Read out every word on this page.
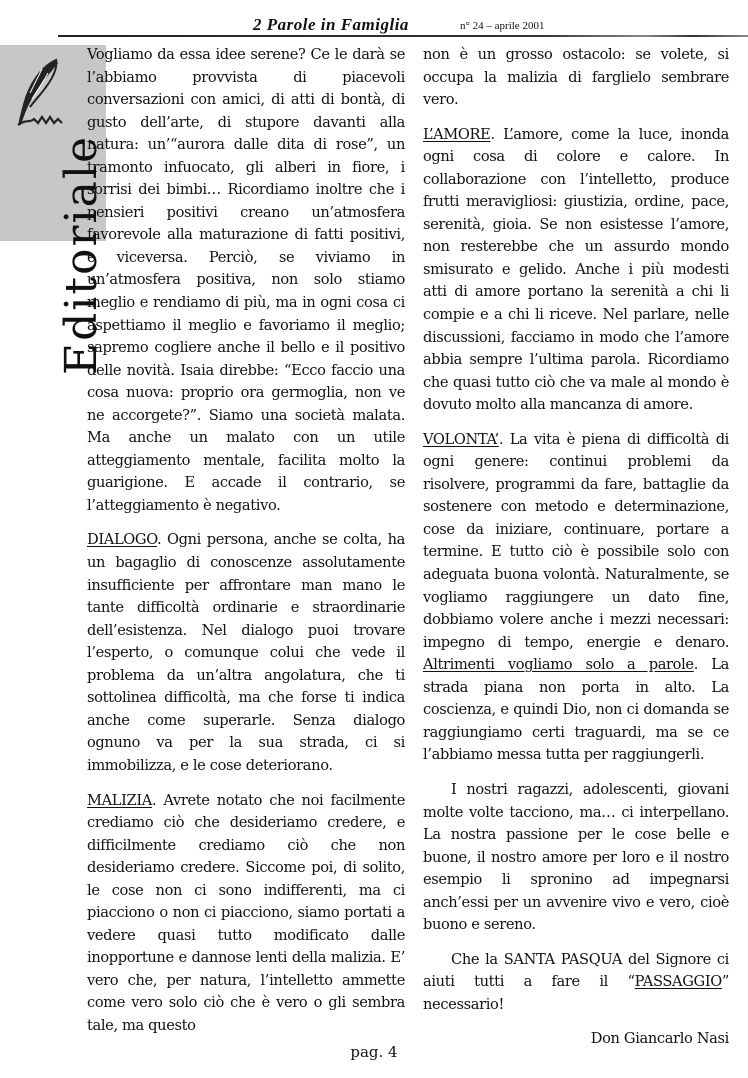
2 Parole in Famiglia	n° 24 – aprile 2001
Editoriale

Vogliamo da essa idee serene? Ce le darà se l’abbiamo provvista di piacevoli conversazioni con amici, di atti di bontà, di gusto dell’arte, di stupore davanti alla natura: un’“aurora dalle dita di rose”, un tramonto infuocato, gli alberi in fiore, i sorrisi dei bimbi… Ricordiamo inoltre che i pensieri positivi creano un’atmosfera favorevole alla maturazione di fatti positivi, e viceversa. Perciò, se viviamo in un’atmosfera positiva, non solo stiamo meglio e rendiamo di più, ma in ogni cosa ci aspettiamo il meglio e favoriamo il meglio; sapremo cogliere anche il bello e il positivo delle novità. Isaia direbbe: “Ecco faccio una cosa nuova: proprio ora germoglia, non ve ne accorgete?”. Siamo una società malata. Ma anche un malato con un utile atteggiamento mentale, facilita molto la guarigione. E accade il contrario, se l’atteggiamento è negativo.

DIALOGO. Ogni persona, anche se colta, ha un bagaglio di conoscenze assolutamente insufficiente per affrontare man mano le tante difficoltà ordinarie e straordinarie dell’esistenza. Nel dialogo puoi trovare l’esperto, o comunque colui che vede il problema da un’altra angolatura, che ti sottolinea difficoltà, ma che forse ti indica anche come superarle. Senza dialogo ognuno va per la sua strada, ci si immobilizza, e le cose deteriorano.

MALIZIA. Avrete notato che noi facilmente crediamo ciò che desideriamo credere, e difficilmente crediamo ciò che non desideriamo credere. Siccome poi, di solito, le cose non ci sono indifferenti, ma ci piacciono o non ci piacciono, siamo portati a vedere quasi tutto modificato dalle inopportune e dannose lenti della malizia. E’ vero che, per natura, l’intelletto ammette come vero solo ciò che è vero o gli sembra tale, ma questo

non è un grosso ostacolo: se volete, si occupa la malizia di farglielo sembrare vero.

L’AMORE. L’amore, come la luce, inonda ogni cosa di colore e calore. In collaborazione con l’intelletto, produce frutti meravigliosi: giustizia, ordine, pace, serenità, gioia. Se non esistesse l’amore, non resterebbe che un assurdo mondo smisurato e gelido. Anche i più modesti atti di amore portano la serenità a chi li compie e a chi li riceve. Nel parlare, nelle discussioni, facciamo in modo che l’amore abbia sempre l’ultima parola. Ricordiamo che quasi tutto ciò che va male al mondo è dovuto molto alla mancanza di amore.

VOLONTA’. La vita è piena di difficoltà di ogni genere: continui problemi da risolvere, programmi da fare, battaglie da sostenere con metodo e determinazione, cose da iniziare, continuare, portare a termine. E tutto ciò è possibile solo con adeguata buona volontà. Naturalmente, se vogliamo raggiungere un dato fine, dobbiamo volere anche i mezzi necessari: impegno di tempo, energie e denaro. Altrimenti vogliamo solo a parole. La strada piana non porta in alto. La coscienza, e quindi Dio, non ci domanda se raggiungiamo certi traguardi, ma se ce l’abbiamo messa tutta per raggiungerli.

I nostri ragazzi, adolescenti, giovani molte volte tacciono, ma… ci interpellano. La nostra passione per le cose belle e buone, il nostro amore per loro e il nostro esempio li spronino ad impegnarsi anch’essi per un avvenire vivo e vero, cioè buono e sereno.

Che la SANTA PASQUA del Signore ci aiuti tutti a fare il “PASSAGGIO” necessario!

Don Giancarlo Nasi

pag. 4
